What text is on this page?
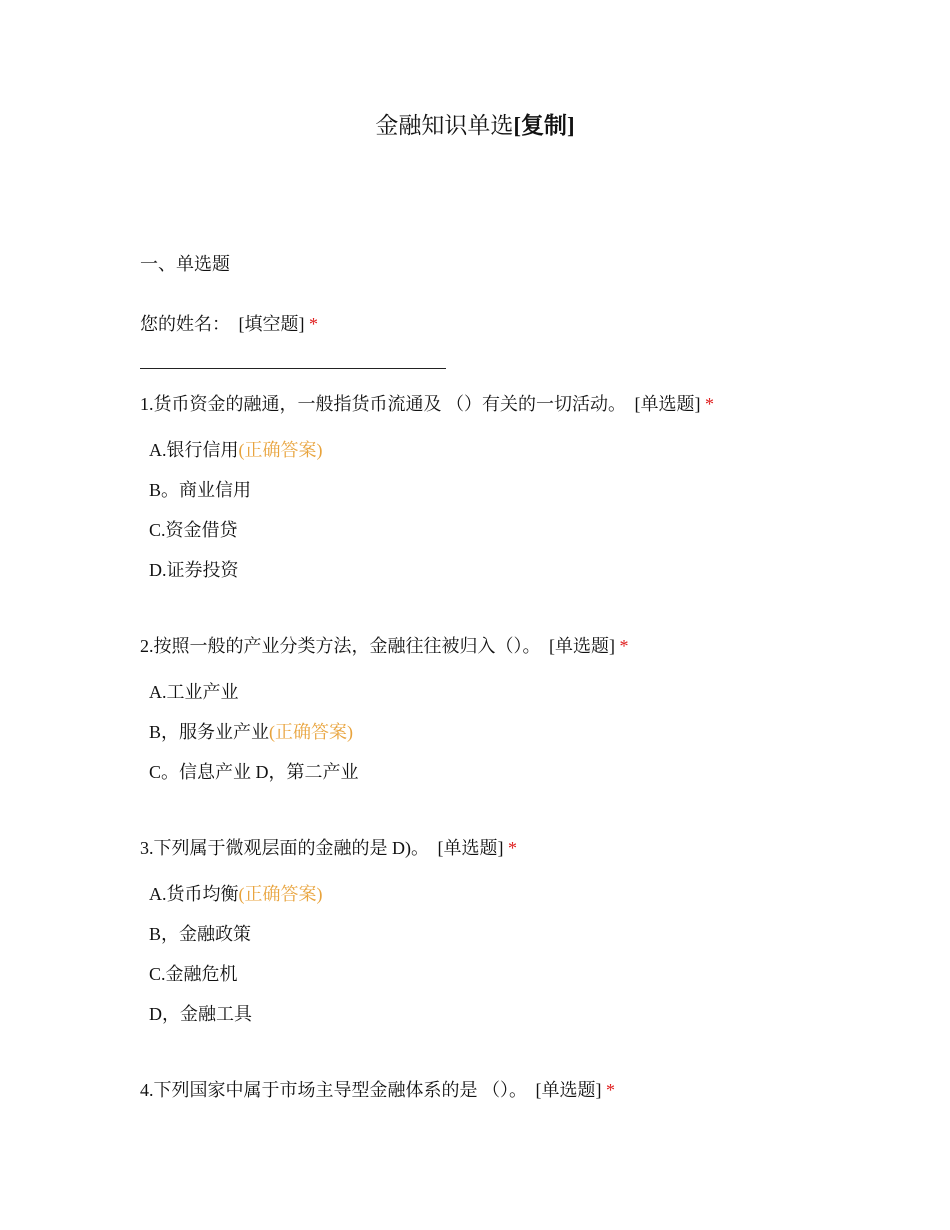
金融知识单选[复制]
一、单选题
您的姓名： [填空题] *
1.货币资金的融通，一般指货币流通及 （）有关的一切活动。 [单选题] *
A.银行信用(正确答案)
B。商业信用
C.资金借贷
D.证券投资
2.按照一般的产业分类方法，金融往往被归入（）。 [单选题] *
A.工业产业
B，服务业产业(正确答案)
C。信息产业 D，第二产业
3.下列属于微观层面的金融的是 D)。 [单选题] *
A.货币均衡(正确答案)
B，金融政策
C.金融危机
D，金融工具
4.下列国家中属于市场主导型金融体系的是 （）。 [单选题] *
